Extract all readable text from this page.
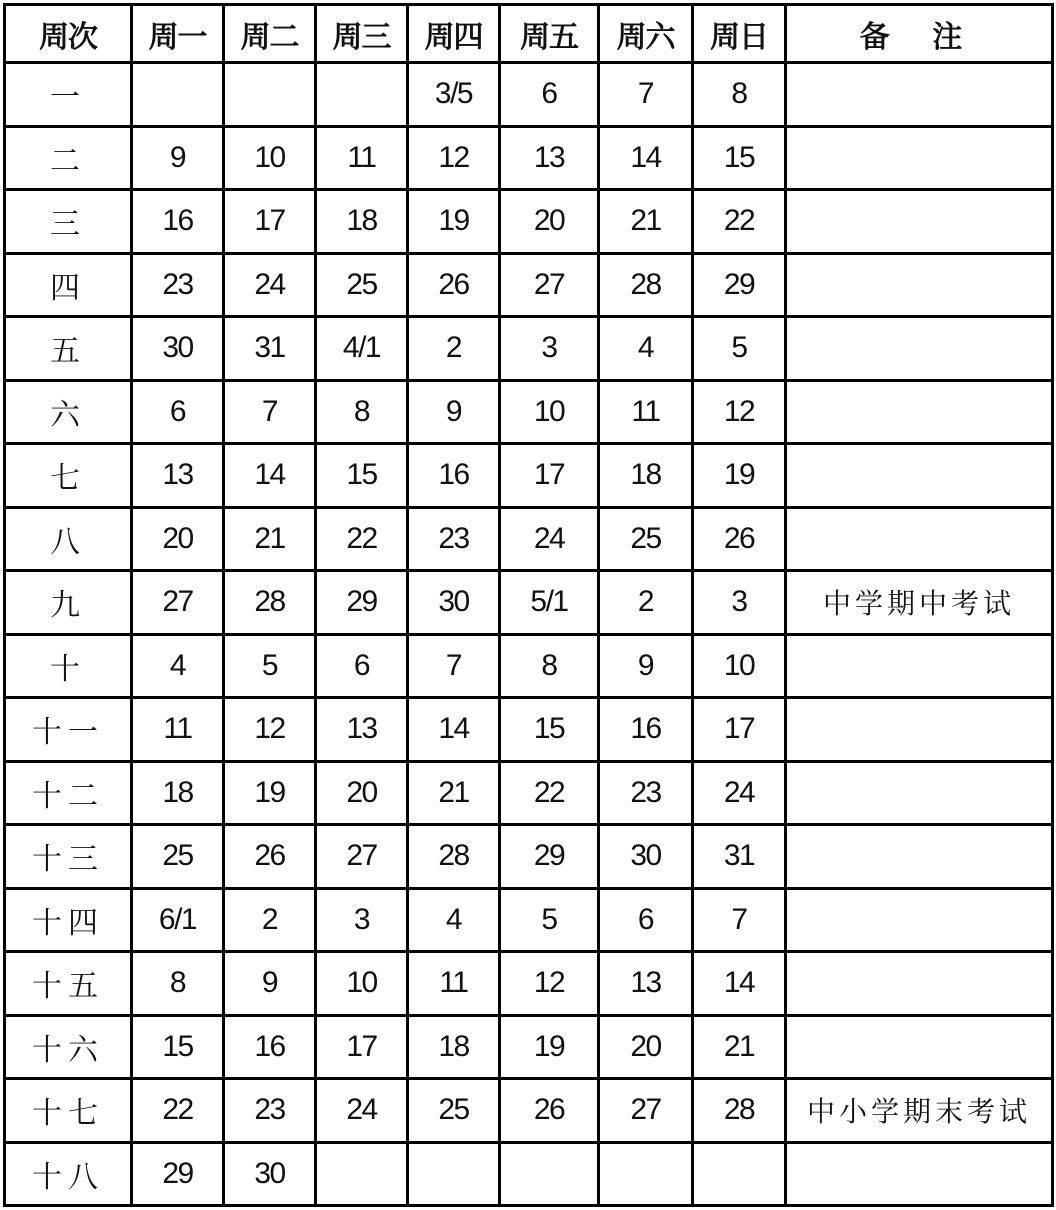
周次	周一	周二	周三	周四	周五	周六	周日	备 注
一				3/5	6	7	8	
二	9	10	11	12	13	14	15	
三	16	17	18	19	20	21	22	
四	23	24	25	26	27	28	29	
五	30	31	4/1	2	3	4	5	
六	6	7	8	9	10	11	12	
七	13	14	15	16	17	18	19	
八	20	21	22	23	24	25	26	
九	27	28	29	30	5/1	2	3	中学期中考试
十	4	5	6	7	8	9	10	
十一	11	12	13	14	15	16	17	
十二	18	19	20	21	22	23	24	
十三	25	26	27	28	29	30	31	
十四	6/1	2	3	4	5	6	7	
十五	8	9	10	11	12	13	14	
十六	15	16	17	18	19	20	21	
十七	22	23	24	25	26	27	28	中小学期末考试
十八	29	30						
